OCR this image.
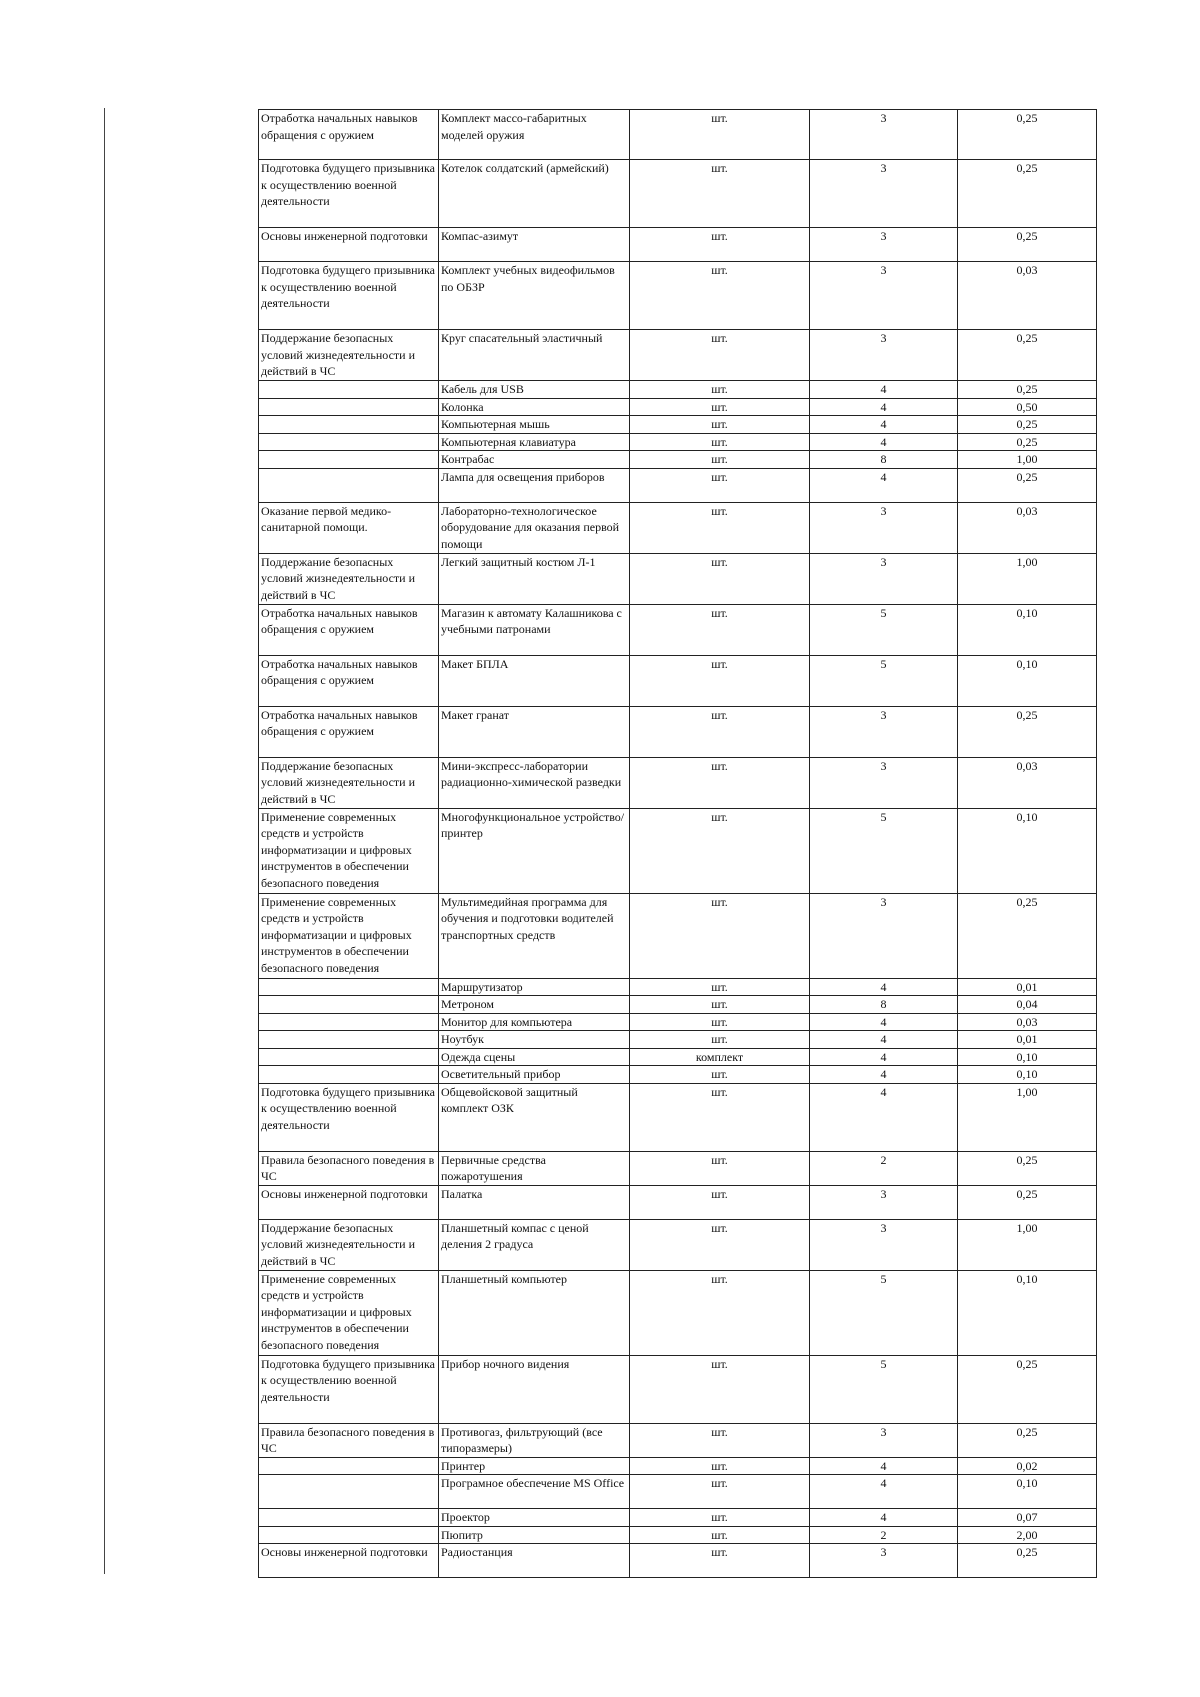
Отработка начальных навыков обращения с оружием	Комплект массо-габаритных моделей оружия	шт.	3	0,25
Подготовка будущего призывника к осуществлению военной деятельности	Котелок солдатский (армейский)	шт.	3	0,25
Основы инженерной подготовки	Компас-азимут	шт.	3	0,25
Подготовка будущего призывника к осуществлению военной деятельности	Комплект учебных видеофильмов по ОБЗР	шт.	3	0,03
Поддержание безопасных условий жизнедеятельности и действий в ЧС	Круг спасательный эластичный	шт.	3	0,25
	Кабель для USB	шт.	4	0,25
	Колонка	шт.	4	0,50
	Компьютерная мышь	шт.	4	0,25
	Компьютерная клавиатура	шт.	4	0,25
	Контрабас	шт.	8	1,00
	Лампа для освещения приборов	шт.	4	0,25
Оказание первой медико-санитарной помощи.	Лабораторно-технологическое оборудование для оказания первой помощи	шт.	3	0,03
Поддержание безопасных условий жизнедеятельности и действий в ЧС	Легкий защитный костюм Л-1	шт.	3	1,00
Отработка начальных навыков обращения с оружием	Магазин к автомату Калашникова с учебными патронами	шт.	5	0,10
Отработка начальных навыков обращения с оружием	Макет БПЛА	шт.	5	0,10
Отработка начальных навыков обращения с оружием	Макет гранат	шт.	3	0,25
Поддержание безопасных условий жизнедеятельности и действий в ЧС	Мини-экспресс-лаборатории радиационно-химической разведки	шт.	3	0,03
Применение современных средств и устройств информатизации и цифровых инструментов в обеспечении безопасного поведения	Многофункциональное устройство/принтер	шт.	5	0,10
Применение современных средств и устройств информатизации и цифровых инструментов в обеспечении безопасного поведения	Мультимедийная программа для обучения и подготовки водителей транспортных средств	шт.	3	0,25
	Маршрутизатор	шт.	4	0,01
	Метроном	шт.	8	0,04
	Монитор для компьютера	шт.	4	0,03
	Ноутбук	шт.	4	0,01
	Одежда сцены	комплект	4	0,10
	Осветительный прибор	шт.	4	0,10
Подготовка будущего призывника к осуществлению военной деятельности	Общевойсковой защитный комплект ОЗК	шт.	4	1,00
Правила безопасного поведения в ЧС	Первичные средства пожаротушения	шт.	2	0,25
Основы инженерной подготовки	Палатка	шт.	3	0,25
Поддержание безопасных условий жизнедеятельности и действий в ЧС	Планшетный компас с ценой деления 2 градуса	шт.	3	1,00
Применение современных средств и устройств информатизации и цифровых инструментов в обеспечении безопасного поведения	Планшетный компьютер	шт.	5	0,10
Подготовка будущего призывника к осуществлению военной деятельности	Прибор ночного видения	шт.	5	0,25
Правила безопасного поведения в ЧС	Противогаз, фильтрующий (все типоразмеры)	шт.	3	0,25
	Принтер	шт.	4	0,02
	Програмное обеспечение MS Office	шт.	4	0,10
	Проектор	шт.	4	0,07
	Пюпитр	шт.	2	2,00
Основы инженерной подготовки	Радиостанция	шт.	3	0,25
